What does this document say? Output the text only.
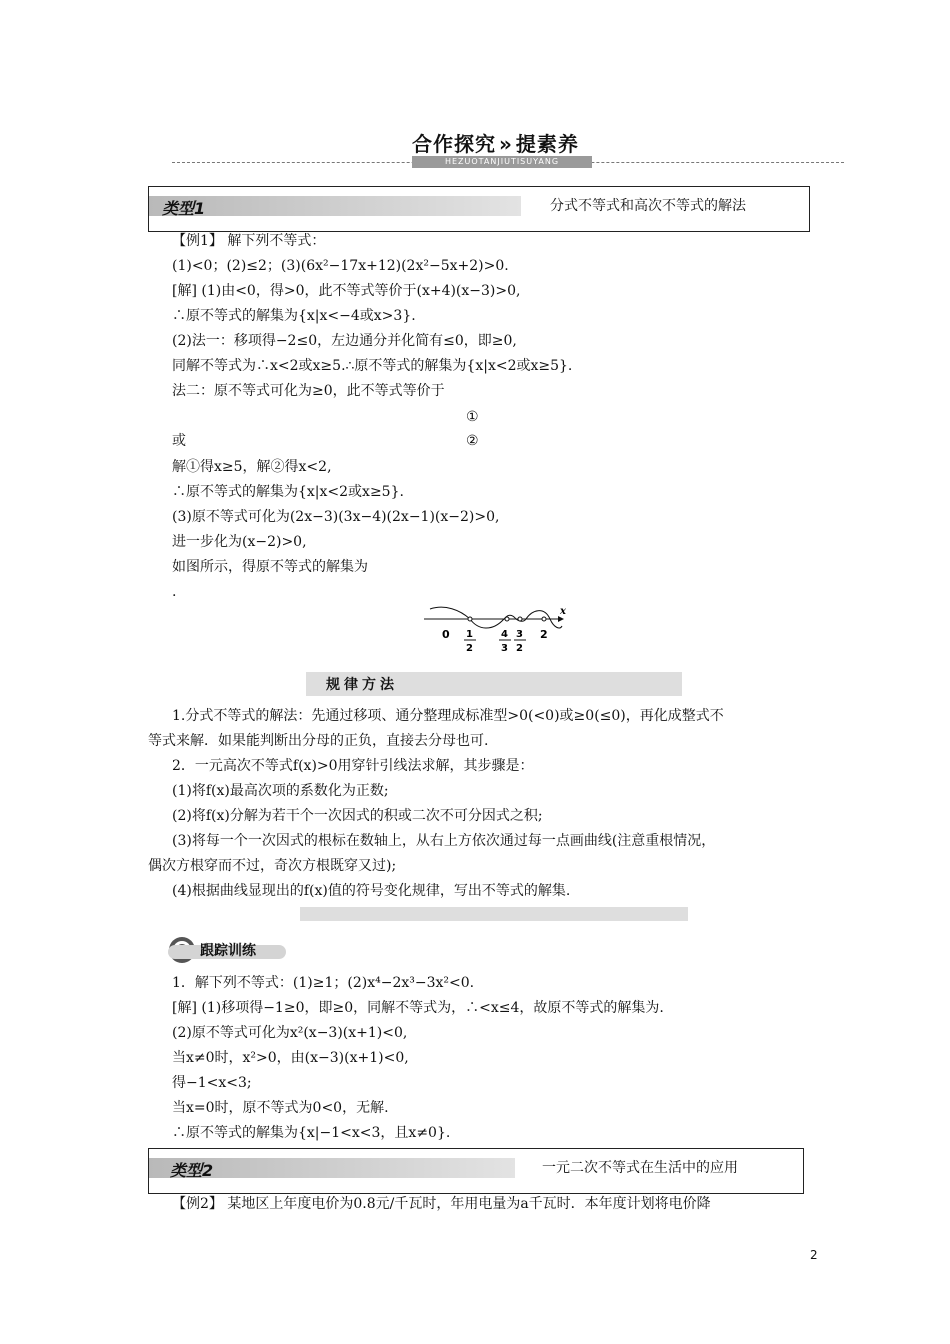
合作探究 » 提素养
HEZUOTANJIUTISUYANG
类型1	分式不等式和高次不等式的解法
【例1】 解下列不等式：
(1)<0；(2)≤2；(3)(6x²−17x+12)(2x²−5x+2)>0.
[解] (1)由<0，得>0，此不等式等价于(x+4)(x−3)>0,
∴原不等式的解集为{x|x<−4或x>3}.
(2)法一：移项得−2≤0，左边通分并化简有≤0，即≥0,
同解不等式为∴x<2或x≥5.∴原不等式的解集为{x|x<2或x≥5}.
法二：原不等式可化为≥0，此不等式等价于
①
或	②
解①得x≥5，解②得x<2,
∴原不等式的解集为{x|x<2或x≥5}.
(3)原不等式可化为(2x−3)(3x−4)(2x−1)(x−2)>0,
进一步化为(x−2)>0,
如图所示，得原不等式的解集为
.
x
0 1
2
4
3
3
2
2
规律方法
1.分式不等式的解法：先通过移项、通分整理成标准型>0(<0)或≥0(≤0)，再化成整式不
等式来解．如果能判断出分母的正负，直接去分母也可.
2．一元高次不等式f(x)>0用穿针引线法求解，其步骤是：
(1)将f(x)最高次项的系数化为正数;
(2)将f(x)分解为若干个一次因式的积或二次不可分因式之积;
(3)将每一个一次因式的根标在数轴上，从右上方依次通过每一点画曲线(注意重根情况，
偶次方根穿而不过，奇次方根既穿又过);
(4)根据曲线显现出的f(x)值的符号变化规律，写出不等式的解集.
跟踪训练
1．解下列不等式：(1)≥1；(2)x⁴−2x³−3x²<0.
[解] (1)移项得−1≥0，即≥0，同解不等式为，∴<x≤4，故原不等式的解集为.
(2)原不等式可化为x²(x−3)(x+1)<0,
当x≠0时，x²>0，由(x−3)(x+1)<0,
得−1<x<3;
当x=0时，原不等式为0<0，无解.
∴原不等式的解集为{x|−1<x<3，且x≠0}.
类型2	一元二次不等式在生活中的应用
【例2】 某地区上年度电价为0.8元/千瓦时，年用电量为a千瓦时．本年度计划将电价降
2
